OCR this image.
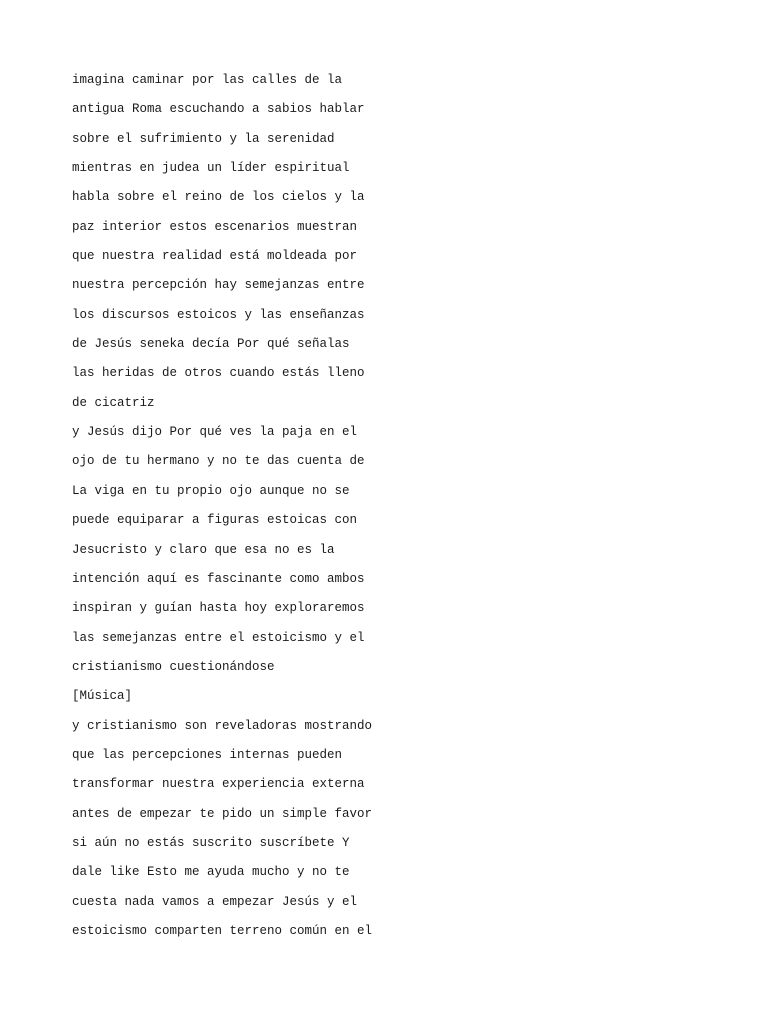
imagina caminar por las calles de la
antigua Roma escuchando a sabios hablar
sobre el sufrimiento y la serenidad
mientras en judea un líder espiritual
habla sobre el reino de los cielos y la
paz interior estos escenarios muestran
que nuestra realidad está moldeada por
nuestra percepción hay semejanzas entre
los discursos estoicos y las enseñanzas
de Jesús seneka decía Por qué señalas
las heridas de otros cuando estás lleno
de cicatriz
y Jesús dijo Por qué ves la paja en el
ojo de tu hermano y no te das cuenta de
La viga en tu propio ojo aunque no se
puede equiparar a figuras estoicas con
Jesucristo y claro que esa no es la
intención aquí es fascinante como ambos
inspiran y guían hasta hoy exploraremos
las semejanzas entre el estoicismo y el
cristianismo cuestionándose
[Música]
y cristianismo son reveladoras mostrando
que las percepciones internas pueden
transformar nuestra experiencia externa
antes de empezar te pido un simple favor
si aún no estás suscrito suscríbete Y
dale like Esto me ayuda mucho y no te
cuesta nada vamos a empezar Jesús y el
estoicismo comparten terreno común en el
